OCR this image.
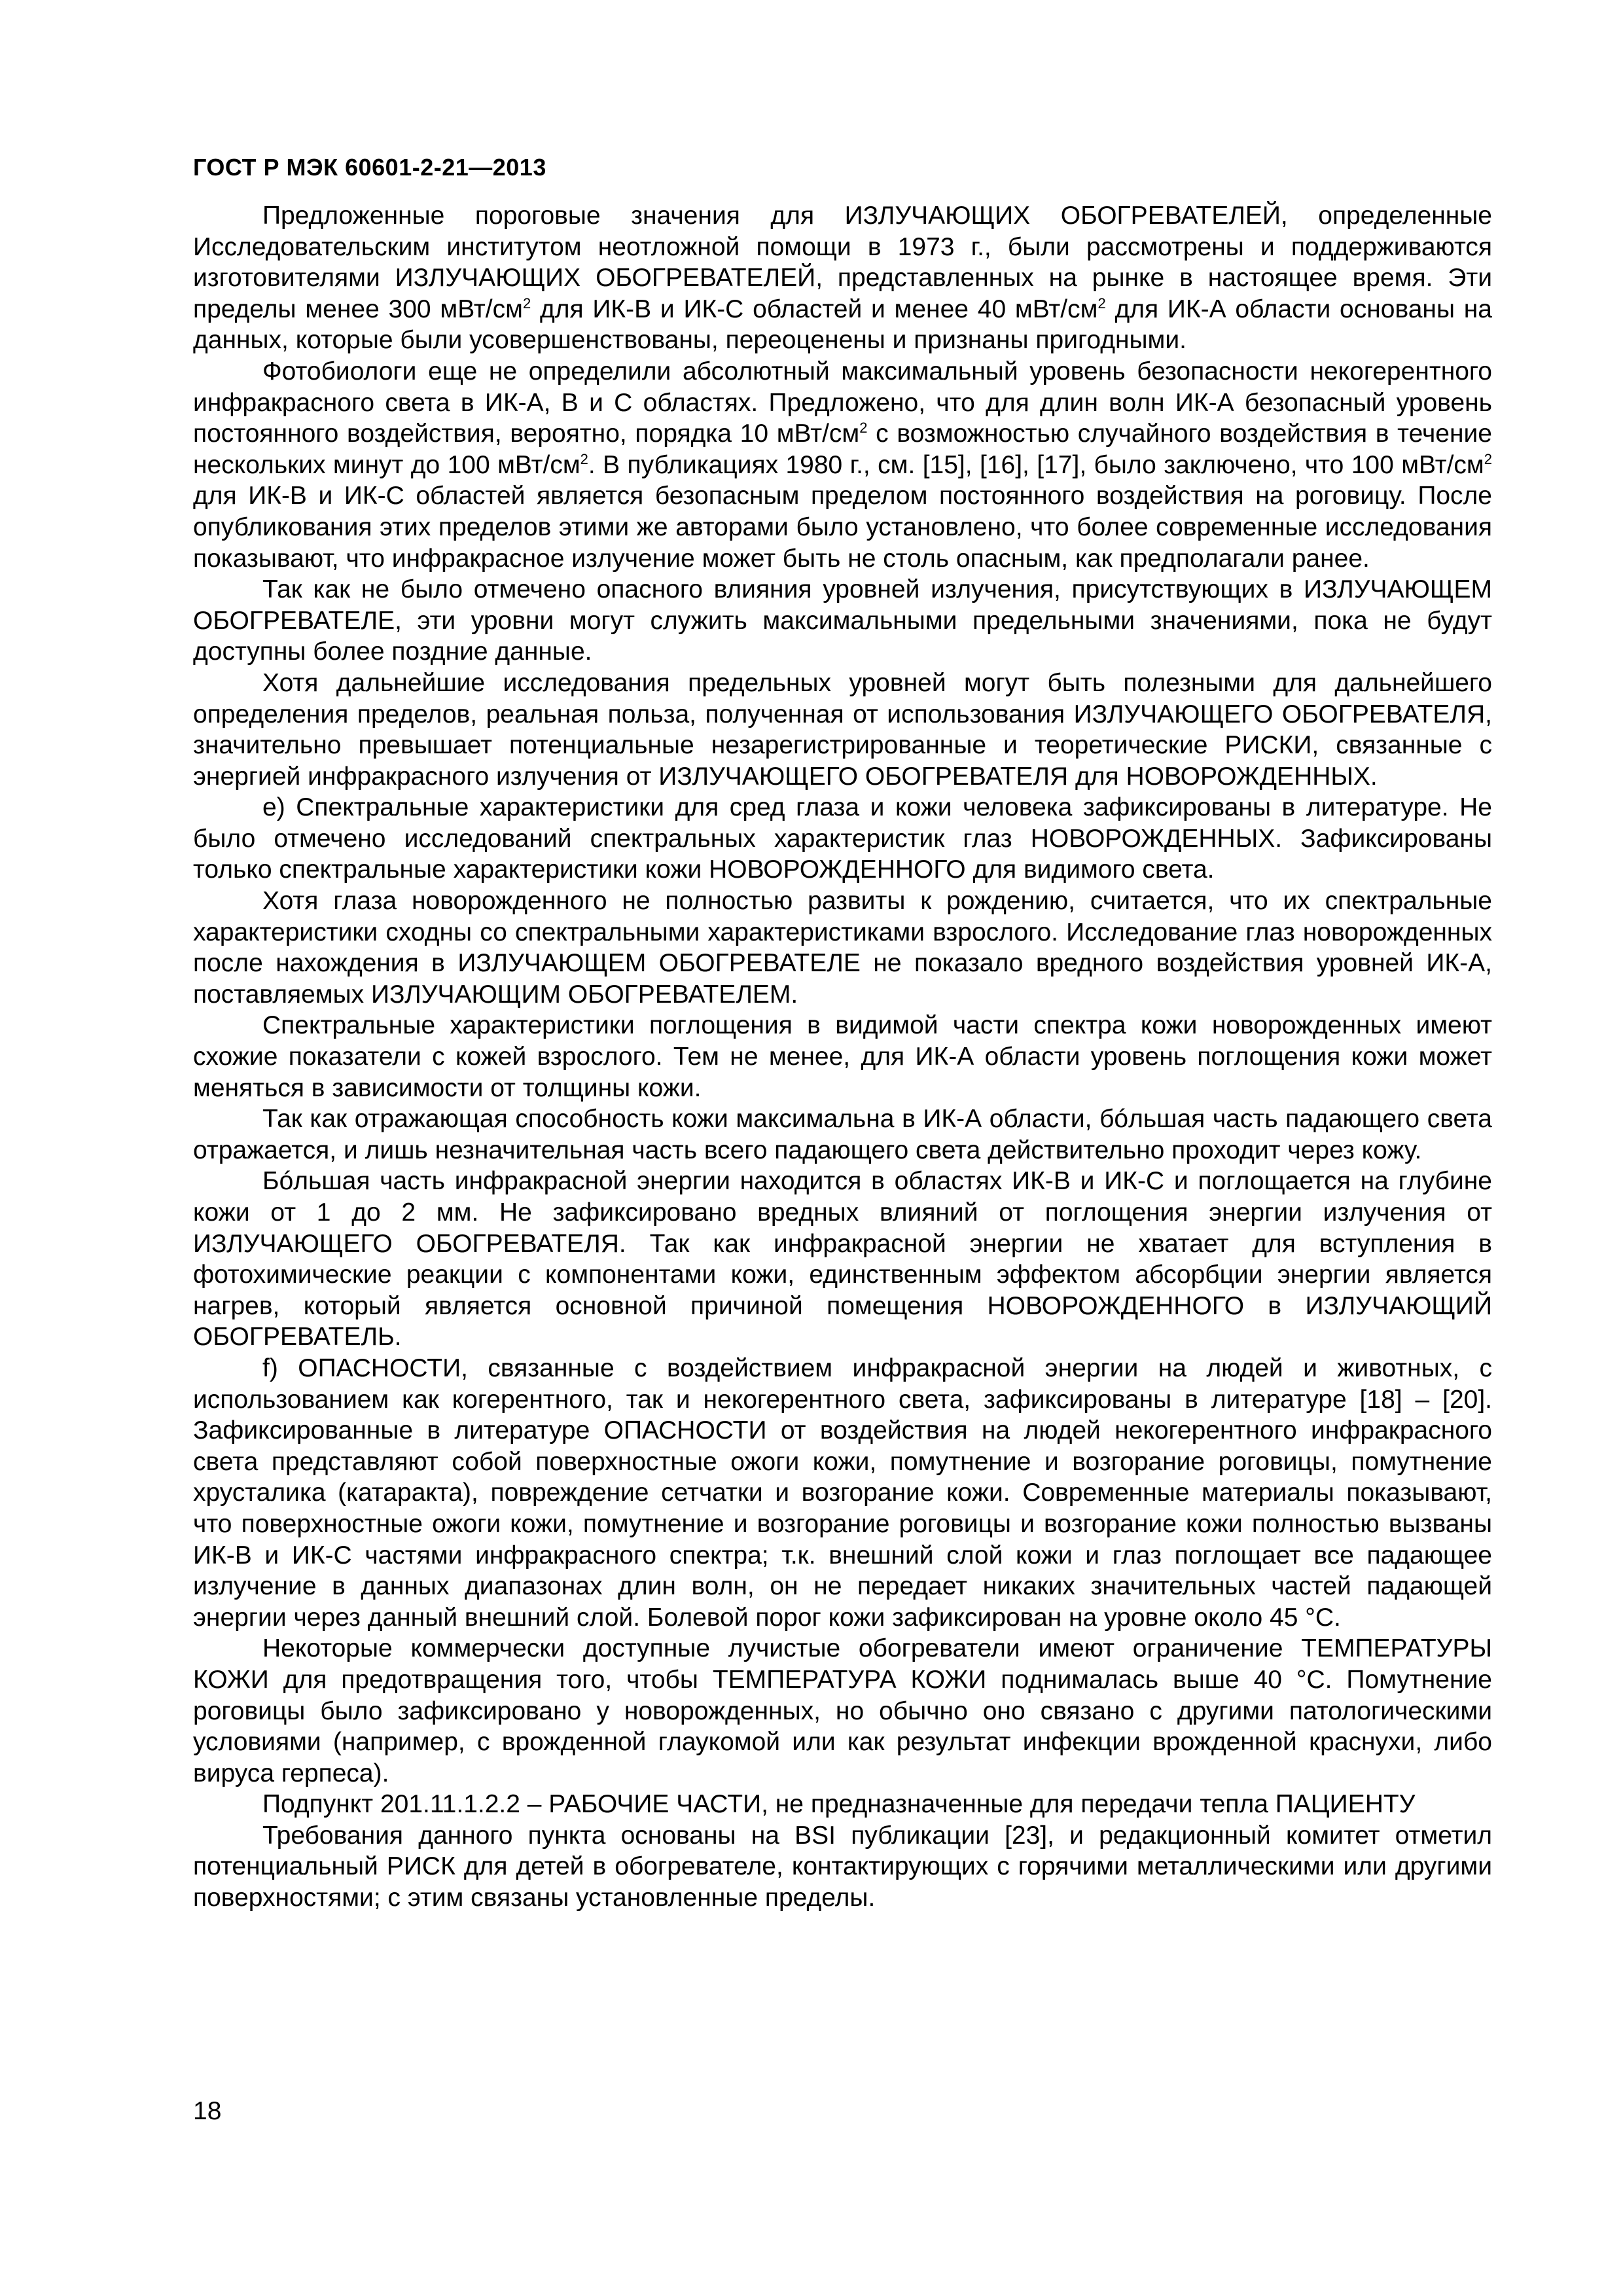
ГОСТ Р МЭК 60601-2-21—2013

Предложенные пороговые значения для ИЗЛУЧАЮЩИХ ОБОГРЕВАТЕЛЕЙ, определенные Исследовательским институтом неотложной помощи в 1973 г., были рассмотрены и поддерживаются изготовителями ИЗЛУЧАЮЩИХ ОБОГРЕВАТЕЛЕЙ, представленных на рынке в настоящее время. Эти пределы менее 300 мВт/$см^2$ для ИК-В и ИК-С областей и менее 40 мВт/$см^2$ для ИК-А области основаны на данных, которые были усовершенствованы, переоценены и признаны пригодными.

Фотобиологи еще не определили абсолютный максимальный уровень безопасности некогерентного инфракрасного света в ИК-А, В и С областях. Предложено, что для длин волн ИК-А безопасный уровень постоянного воздействия, вероятно, порядка 10 мВт/$см^2$ с возможностью случайного воздействия в течение нескольких минут до 100 мВт/$см^2$. В публикациях 1980 г., см. [15], [16], [17], было заключено, что 100 мВт/$см^2$ для ИК-В и ИК-С областей является безопасным пределом постоянного воздействия на роговицу. После опубликования этих пределов этими же авторами было установлено, что более современные исследования показывают, что инфракрасное излучение может быть не столь опасным, как предполагали ранее.

Так как не было отмечено опасного влияния уровней излучения, присутствующих в ИЗЛУЧАЮЩЕМ ОБОГРЕВАТЕЛЕ, эти уровни могут служить максимальными предельными значениями, пока не будут доступны более поздние данные.

Хотя дальнейшие исследования предельных уровней могут быть полезными для дальнейшего определения пределов, реальная польза, полученная от использования ИЗЛУЧАЮЩЕГО ОБОГРЕВАТЕЛЯ, значительно превышает потенциальные незарегистрированные и теоретические РИСКИ, связанные с энергией инфракрасного излучения от ИЗЛУЧАЮЩЕГО ОБОГРЕВАТЕЛЯ для НОВОРОЖДЕННЫХ.

e) Спектральные характеристики для сред глаза и кожи человека зафиксированы в литературе. Не было отмечено исследований спектральных характеристик глаз НОВОРОЖДЕННЫХ. Зафиксированы только спектральные характеристики кожи НОВОРОЖДЕННОГО для видимого света.

Хотя глаза новорожденного не полностью развиты к рождению, считается, что их спектральные характеристики сходны со спектральными характеристиками взрослого. Исследование глаз новорожденных после нахождения в ИЗЛУЧАЮЩЕМ ОБОГРЕВАТЕЛЕ не показало вредного воздействия уровней ИК-А, поставляемых ИЗЛУЧАЮЩИМ ОБОГРЕВАТЕЛЕМ.

Спектральные характеристики поглощения в видимой части спектра кожи новорожденных имеют схожие показатели с кожей взрослого. Тем не менее, для ИК-А области уровень поглощения кожи может меняться в зависимости от толщины кожи.

Так как отражающая способность кожи максимальна в ИК-А области, бóльшая часть падающего света отражается, и лишь незначительная часть всего падающего света действительно проходит через кожу.

Бóльшая часть инфракрасной энергии находится в областях ИК-В и ИК-С и поглощается на глубине кожи от 1 до 2 мм. Не зафиксировано вредных влияний от поглощения энергии излучения от ИЗЛУЧАЮЩЕГО ОБОГРЕВАТЕЛЯ. Так как инфракрасной энергии не хватает для вступления в фотохимические реакции с компонентами кожи, единственным эффектом абсорбции энергии является нагрев, который является основной причиной помещения НОВОРОЖДЕННОГО в ИЗЛУЧАЮЩИЙ ОБОГРЕВАТЕЛЬ.

f) ОПАСНОСТИ, связанные с воздействием инфракрасной энергии на людей и животных, с использованием как когерентного, так и некогерентного света, зафиксированы в литературе [18] – [20]. Зафиксированные в литературе ОПАСНОСТИ от воздействия на людей некогерентного инфракрасного света представляют собой поверхностные ожоги кожи, помутнение и возгорание роговицы, помутнение хрусталика (катаракта), повреждение сетчатки и возгорание кожи. Современные материалы показывают, что поверхностные ожоги кожи, помутнение и возгорание роговицы и возгорание кожи полностью вызваны ИК-В и ИК-С частями инфракрасного спектра; т.к. внешний слой кожи и глаз поглощает все падающее излучение в данных диапазонах длин волн, он не передает никаких значительных частей падающей энергии через данный внешний слой. Болевой порог кожи зафиксирован на уровне около 45 °С.

Некоторые коммерчески доступные лучистые обогреватели имеют ограничение ТЕМПЕРАТУРЫ КОЖИ для предотвращения того, чтобы ТЕМПЕРАТУРА КОЖИ поднималась выше 40 °С. Помутнение роговицы было зафиксировано у новорожденных, но обычно оно связано с другими патологическими условиями (например, с врожденной глаукомой или как результат инфекции врожденной краснухи, либо вируса герпеса).

Подпункт 201.11.1.2.2 – РАБОЧИЕ ЧАСТИ, не предназначенные для передачи тепла ПАЦИЕНТУ

Требования данного пункта основаны на BSI публикации [23], и редакционный комитет отметил потенциальный РИСК для детей в обогревателе, контактирующих с горячими металлическими или другими поверхностями; с этим связаны установленные пределы.

18
